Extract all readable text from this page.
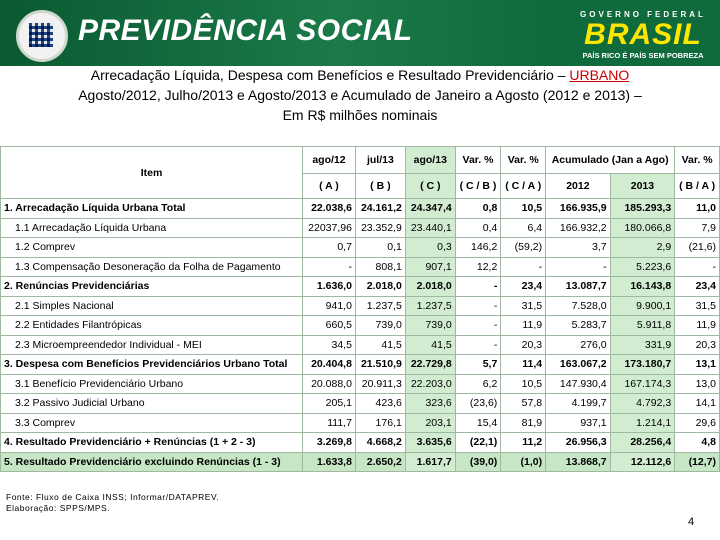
PREVIDÊNCIA SOCIAL	GOVERNO FEDERAL
BRASIL
PAÍS RICO É PAÍS SEM POBREZA
Arrecadação Líquida, Despesa com Benefícios e Resultado Previdenciário – URBANO
Agosto/2012, Julho/2013 e Agosto/2013 e Acumulado de Janeiro a Agosto (2012 e 2013) –
Em R$ milhões nominais
Item	ago/12	jul/13	ago/13	Var. %	Var. %	Acumulado (Jan a Ago)		Var. %
	( A )	( B )	( C )	( C / B )	( C / A )	2012	2013	( B / A )
1. Arrecadação Líquida Urbana Total	22.038,6	24.161,2	24.347,4	0,8	10,5	166.935,9	185.293,3	11,0
1.1 Arrecadação Líquida Urbana	22037,96	23.352,9	23.440,1	0,4	6,4	166.932,2	180.066,8	7,9
1.2 Comprev	0,7	0,1	0,3	146,2	(59,2)	3,7	2,9	(21,6)
1.3 Compensação Desoneração da Folha de Pagamento	-	808,1	907,1	12,2	-	-	5.223,6	-
2. Renúncias Previdenciárias	1.636,0	2.018,0	2.018,0	-	23,4	13.087,7	16.143,8	23,4
2.1 Simples Nacional	941,0	1.237,5	1.237,5	-	31,5	7.528,0	9.900,1	31,5
2.2 Entidades Filantrópicas	660,5	739,0	739,0	-	11,9	5.283,7	5.911,8	11,9
2.3 Microempreendedor Individual - MEI	34,5	41,5	41,5	-	20,3	276,0	331,9	20,3
3. Despesa com Benefícios Previdenciários Urbano Total	20.404,8	21.510,9	22.729,8	5,7	11,4	163.067,2	173.180,7	13,1
3.1 Benefício Previdenciário Urbano	20.088,0	20.911,3	22.203,0	6,2	10,5	147.930,4	167.174,3	13,0
3.2 Passivo Judicial Urbano	205,1	423,6	323,6	(23,6)	57,8	4.199,7	4.792,3	14,1
3.3 Comprev	111,7	176,1	203,1	15,4	81,9	937,1	1.214,1	29,6
4. Resultado Previdenciário + Renúncias (1 + 2 - 3)	3.269,8	4.668,2	3.635,6	(22,1)	11,2	26.956,3	28.256,4	4,8
5. Resultado Previdenciário excluindo Renúncias (1 - 3)	1.633,8	2.650,2	1.617,7	(39,0)	(1,0)	13.868,7	12.112,6	(12,7)
Fonte: Fluxo de Caixa INSS; Informar/DATAPREV.
Elaboração: SPPS/MPS.
4
